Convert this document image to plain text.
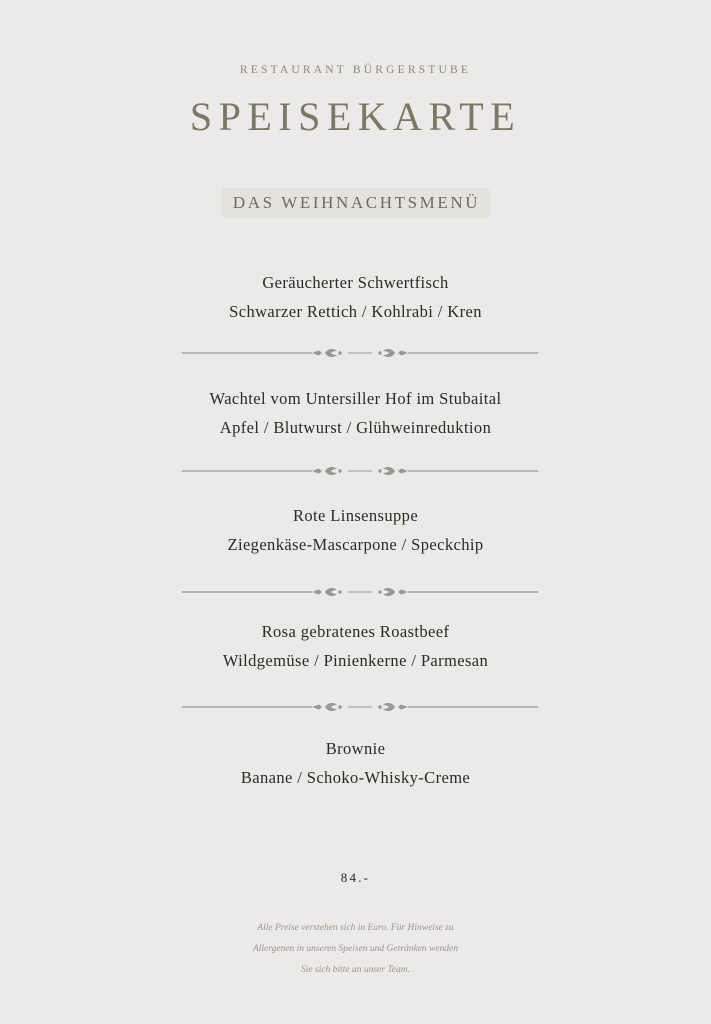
RESTAURANT BÜRGERSTUBE
SPEISEKARTE
DAS WEIHNACHTSMENÜ
Geräucherter Schwertfisch
Schwarzer Rettich / Kohlrabi / Kren
Wachtel vom Untersiller Hof im Stubaital
Apfel / Blutwurst / Glühweinreduktion
Rote Linsensuppe
Ziegenkäse-Mascarpone / Speckchip
Rosa gebratenes Roastbeef
Wildgemüse / Pinienkerne / Parmesan
Brownie
Banane / Schoko-Whisky-Creme
84.-
Alle Preise verstehen sich in Euro. Für Hinweise zu
Allergenen in unseren Speisen und Getränken wenden
Sie sich bitte an unser Team.
